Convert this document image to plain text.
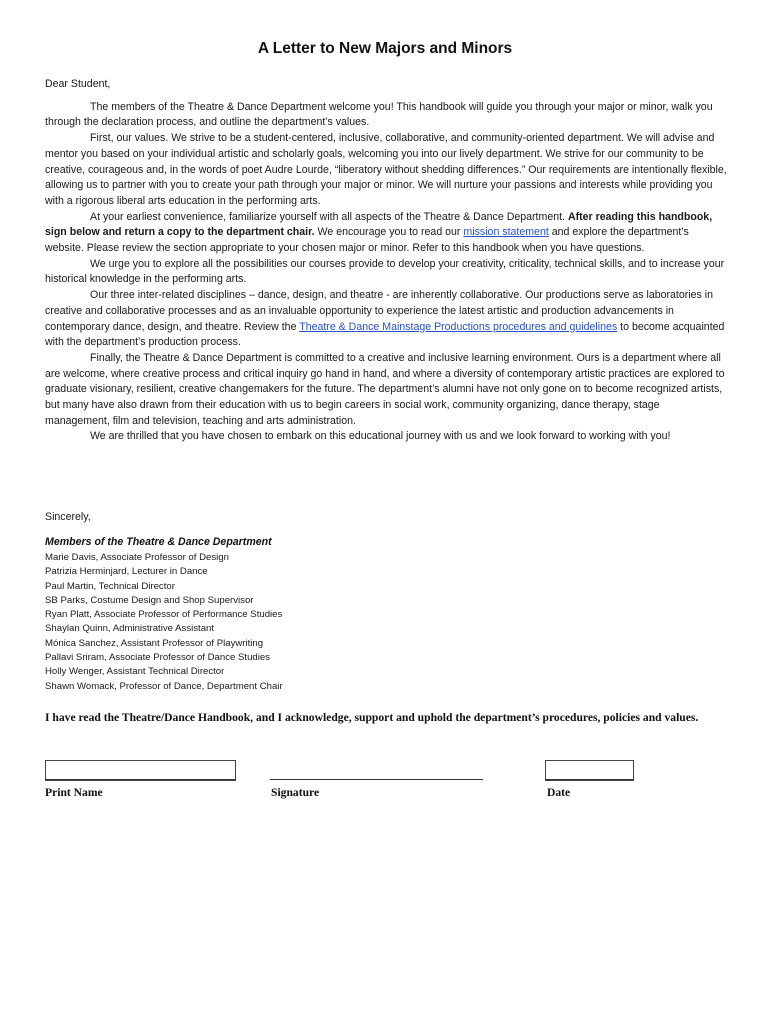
A Letter to New Majors and Minors

Dear Student,

The members of the Theatre & Dance Department welcome you! This handbook will guide you through your major or minor, walk you through the declaration process, and outline the department’s values.

First, our values. We strive to be a student-centered, inclusive, collaborative, and community-oriented department. We will advise and mentor you based on your individual artistic and scholarly goals, welcoming you into our lively department. We strive for our community to be creative, courageous and, in the words of poet Audre Lourde, “liberatory without shedding differences.” Our requirements are intentionally flexible, allowing us to partner with you to create your path through your major or minor. We will nurture your passions and interests while providing you with a rigorous liberal arts education in the performing arts.

At your earliest convenience, familiarize yourself with all aspects of the Theatre & Dance Department. After reading this handbook, sign below and return a copy to the department chair. We encourage you to read our mission statement and explore the department’s website. Please review the section appropriate to your chosen major or minor. Refer to this handbook when you have questions.

We urge you to explore all the possibilities our courses provide to develop your creativity, criticality, technical skills, and to increase your historical knowledge in the performing arts.

Our three inter-related disciplines – dance, design, and theatre - are inherently collaborative. Our productions serve as laboratories in creative and collaborative processes and as an invaluable opportunity to experience the latest artistic and production advancements in contemporary dance, design, and theatre. Review the Theatre & Dance Mainstage Productions procedures and guidelines to become acquainted with the department’s production process.

Finally, the Theatre & Dance Department is committed to a creative and inclusive learning environment. Ours is a department where all are welcome, where creative process and critical inquiry go hand in hand, and where a diversity of contemporary artistic practices are explored to graduate visionary, resilient, creative changemakers for the future. The department’s alumni have not only gone on to become recognized artists, but many have also drawn from their education with us to begin careers in social work, community organizing, dance therapy, stage management, film and television, teaching and arts administration.

We are thrilled that you have chosen to embark on this educational journey with us and we look forward to working with you!

Sincerely,
Members of the Theatre & Dance Department
Marie Davis, Associate Professor of Design
Patrizia Herminjard, Lecturer in Dance
Paul Martin, Technical Director
SB Parks, Costume Design and Shop Supervisor
Ryan Platt, Associate Professor of Performance Studies
Shaylan Quinn, Administrative Assistant
Mónica Sanchez, Assistant Professor of Playwriting
Pallavi Sriram, Associate Professor of Dance Studies
Holly Wenger, Assistant Technical Director
Shawn Womack, Professor of Dance, Department Chair
I have read the Theatre/Dance Handbook, and I acknowledge, support and uphold the department’s procedures, policies and values.
Print Name	Signature	Date
